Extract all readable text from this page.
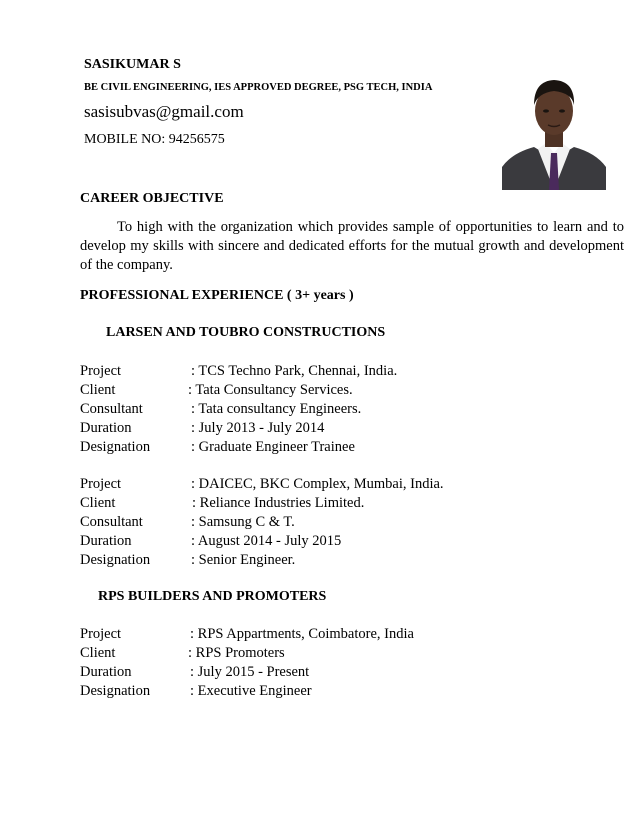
SASIKUMAR S
BE CIVIL ENGINEERING, IES APPROVED DEGREE, PSG TECH, INDIA
sasisubvas@gmail.com
MOBILE NO: 94256575
CAREER OBJECTIVE
To high with the organization which provides sample of opportunities to learn and to develop my skills with sincere and dedicated efforts for the mutual growth and development of the company.
PROFESSIONAL EXPERIENCE ( 3+ years )
LARSEN AND TOUBRO CONSTRUCTIONS
Project	: TCS Techno Park, Chennai, India.
Client	: Tata Consultancy Services.
Consultant	: Tata consultancy Engineers.
Duration	: July 2013 - July 2014
Designation	: Graduate Engineer Trainee
Project	: DAICEC, BKC Complex, Mumbai, India.
Client	: Reliance Industries Limited.
Consultant	: Samsung C & T.
Duration	: August 2014 - July 2015
Designation	: Senior Engineer.
RPS BUILDERS AND PROMOTERS
Project	: RPS Appartments, Coimbatore, India
Client	: RPS Promoters
Duration	: July 2015 - Present
Designation	: Executive Engineer
